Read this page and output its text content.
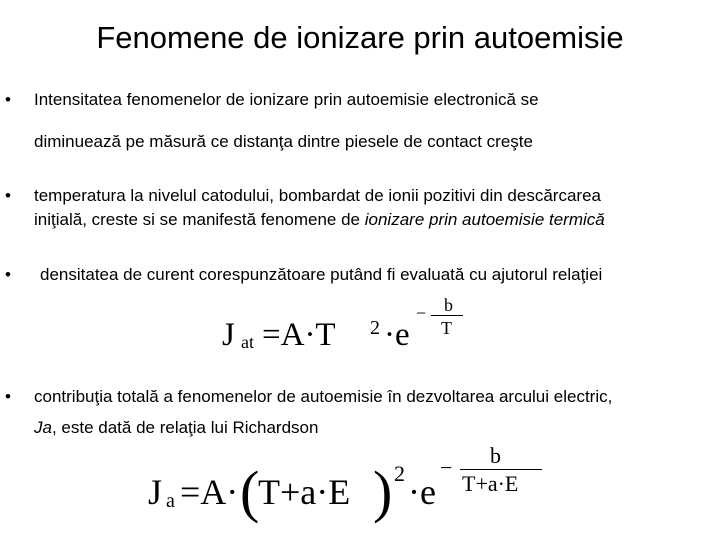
Fenomene de ionizare prin autoemisie
• Intensitatea fenomenelor de ionizare prin autoemisie electronică se
diminuează pe măsură ce distanţa dintre piesele de contact creşte
• temperatura la nivelul catodului, bombardat de ionii pozitivi din descărcarea
iniţială, creste si se manifestă fenomene de ionizare prin autoemisie termică
• densitatea de curent corespunzătoare putând fi evaluată cu ajutorul relaţiei
J at =A·T 2 ·e
− b
T
• contribuţia totală a fenomenelor de autoemisie în dezvoltarea arcului electric,
Ja, este dată de relaţia lui Richardson
J a =A· (
T+a·E ) 2 ·e
− b
T+a·E
